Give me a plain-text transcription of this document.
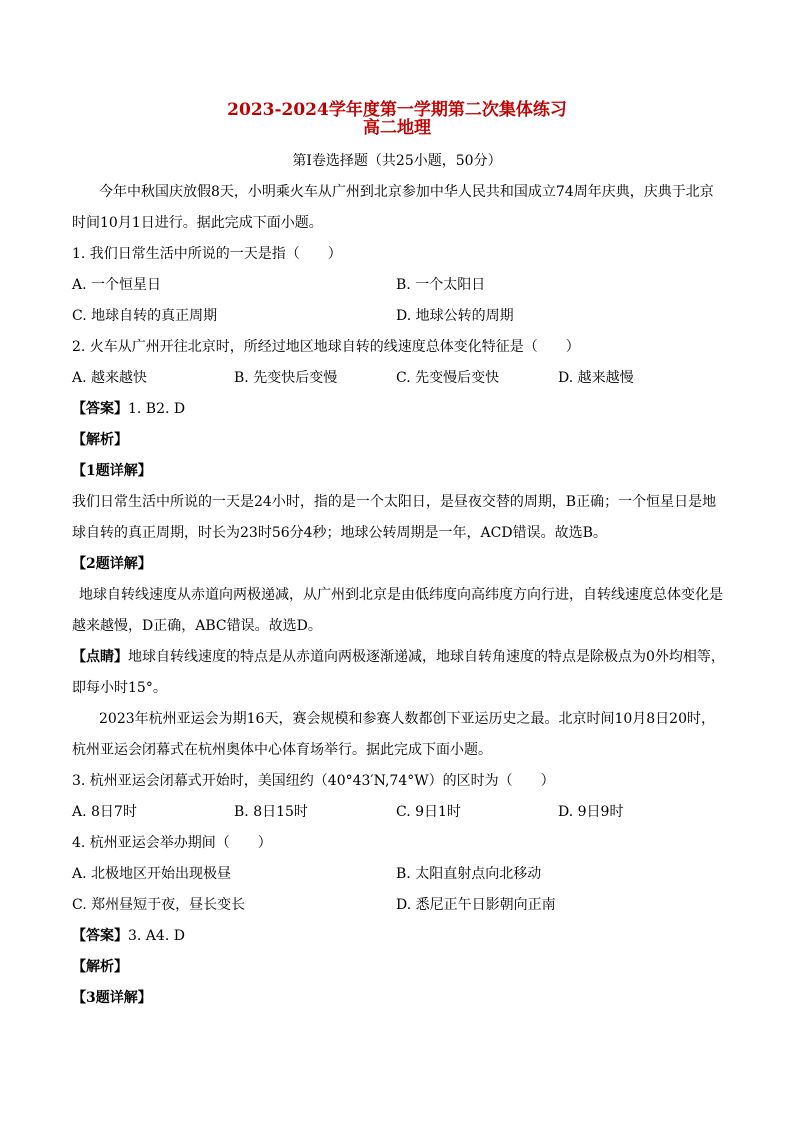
2023-2024学年度第一学期第二次集体练习
高二地理
第I卷选择题（共25小题，50分）
今年中秋国庆放假8天，小明乘火车从广州到北京参加中华人民共和国成立74周年庆典，庆典于北京
时间10月1日进行。据此完成下面小题。
1. 我们日常生活中所说的一天是指（　　）
A. 一个恒星日	B. 一个太阳日
C. 地球自转的真正周期	D. 地球公转的周期
2. 火车从广州开往北京时，所经过地区地球自转的线速度总体变化特征是（　　）
A. 越来越快	B. 先变快后变慢	C. 先变慢后变快	D. 越来越慢
【答案】1. B2. D
【解析】
【1题详解】
我们日常生活中所说的一天是24小时，指的是一个太阳日，是昼夜交替的周期，B正确；一个恒星日是地
球自转的真正周期，时长为23时56分4秒；地球公转周期是一年，ACD错误。故选B。
【2题详解】
地球自转线速度从赤道向两极递减，从广州到北京是由低纬度向高纬度方向行进，自转线速度总体变化是
越来越慢，D正确，ABC错误。故选D。
【点睛】地球自转线速度的特点是从赤道向两极逐渐递减，地球自转角速度的特点是除极点为0外均相等，
即每小时15°。
2023年杭州亚运会为期16天，赛会规模和参赛人数都创下亚运历史之最。北京时间10月8日20时，
杭州亚运会闭幕式在杭州奥体中心体育场举行。据此完成下面小题。
3. 杭州亚运会闭幕式开始时，美国纽约（40°43′N,74°W）的区时为（　　）
A. 8日7时	B. 8日15时	C. 9日1时	D. 9日9时
4. 杭州亚运会举办期间（　　）
A. 北极地区开始出现极昼	B. 太阳直射点向北移动
C. 郑州昼短于夜，昼长变长	D. 悉尼正午日影朝向正南
【答案】3. A4. D
【解析】
【3题详解】
